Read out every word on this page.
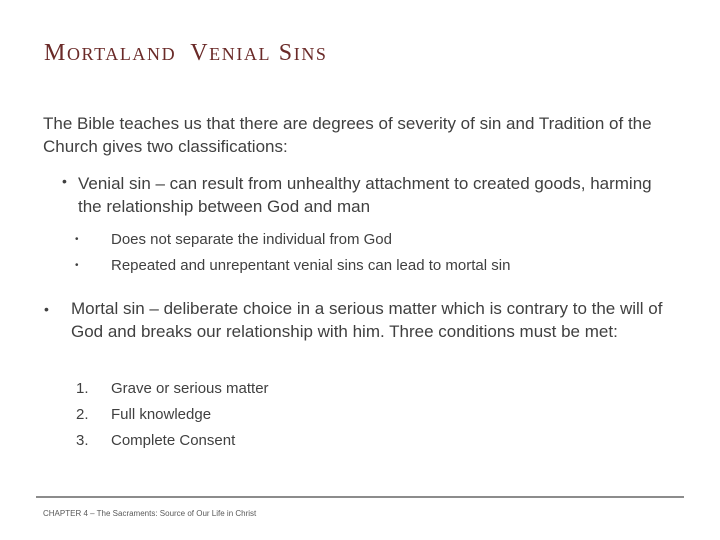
MORTALAND VENIAL SINS
The Bible teaches us that there are degrees of severity of sin and Tradition of the Church gives two classifications:
• Venial sin – can result from unhealthy attachment to created goods, harming the relationship between God and man
• Does not separate the individual from God
• Repeated and unrepentant venial sins can lead to mortal sin
• Mortal sin – deliberate choice in a serious matter which is contrary to the will of God and breaks our relationship with him. Three conditions must be met:
1. Grave or serious matter
2. Full knowledge
3. Complete Consent
CHAPTER 4 – The Sacraments: Source of Our Life in Christ
